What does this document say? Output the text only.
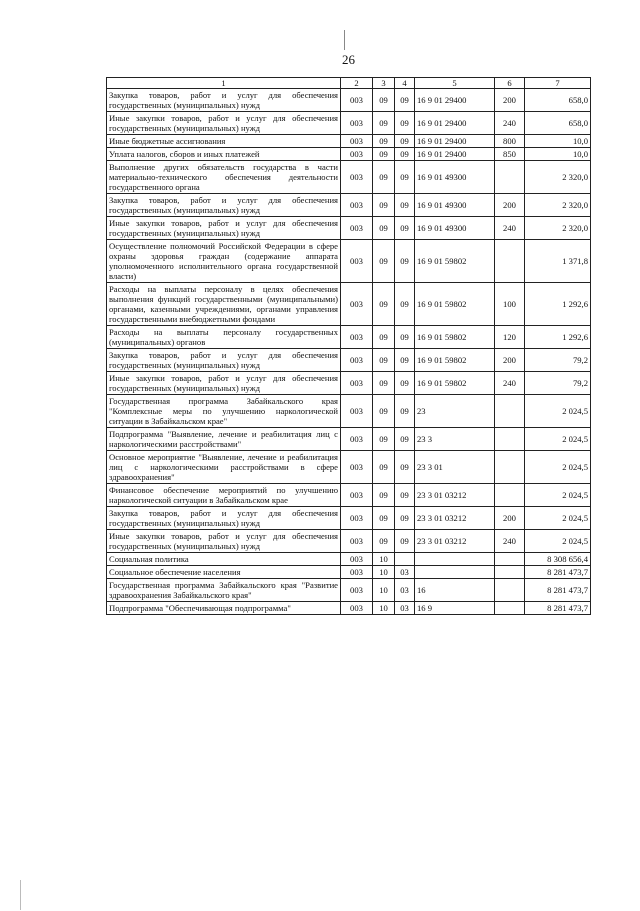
26
1	2	3	4	5	6	7
Закупка товаров, работ и услуг для обеспечения государственных (муниципальных) нужд	003	09	09	16 9 01 29400	200	658,0
Иные закупки товаров, работ и услуг для обеспечения государственных (муниципальных) нужд	003	09	09	16 9 01 29400	240	658,0
Иные бюджетные ассигнования	003	09	09	16 9 01 29400	800	10,0
Уплата налогов, сборов и иных платежей	003	09	09	16 9 01 29400	850	10,0
Выполнение других обязательств государства в части материально-технического обеспечения деятельности государственного органа	003	09	09	16 9 01 49300		2 320,0
Закупка товаров, работ и услуг для обеспечения государственных (муниципальных) нужд	003	09	09	16 9 01 49300	200	2 320,0
Иные закупки товаров, работ и услуг для обеспечения государственных (муниципальных) нужд	003	09	09	16 9 01 49300	240	2 320,0
Осуществление полномочий Российской Федерации в сфере охраны здоровья граждан (содержание аппарата уполномоченного исполнительного органа государственной власти)	003	09	09	16 9 01 59802		1 371,8
Расходы на выплаты персоналу в целях обеспечения выполнения функций государственными (муниципальными) органами, казенными учреждениями, органами управления государственными внебюджетными фондами	003	09	09	16 9 01 59802	100	1 292,6
Расходы на выплаты персоналу государственных (муниципальных) органов	003	09	09	16 9 01 59802	120	1 292,6
Закупка товаров, работ и услуг для обеспечения государственных (муниципальных) нужд	003	09	09	16 9 01 59802	200	79,2
Иные закупки товаров, работ и услуг для обеспечения государственных (муниципальных) нужд	003	09	09	16 9 01 59802	240	79,2
Государственная программа Забайкальского края "Комплексные меры по улучшению наркологической ситуации в Забайкальском крае"	003	09	09	23		2 024,5
Подпрограмма "Выявление, лечение и реабилитация лиц с наркологическими расстройствами"	003	09	09	23 3		2 024,5
Основное мероприятие "Выявление, лечение и реабилитация лиц с наркологическими расстройствами в сфере здравоохранения"	003	09	09	23 3 01		2 024,5
Финансовое обеспечение мероприятий по улучшению наркологической ситуации в Забайкальском крае	003	09	09	23 3 01 03212		2 024,5
Закупка товаров, работ и услуг для обеспечения государственных (муниципальных) нужд	003	09	09	23 3 01 03212	200	2 024,5
Иные закупки товаров, работ и услуг для обеспечения государственных (муниципальных) нужд	003	09	09	23 3 01 03212	240	2 024,5
Социальная политика	003	10				8 308 656,4
Социальное обеспечение населения	003	10	03			8 281 473,7
Государственная программа Забайкальского края "Развитие здравоохранения Забайкальского края"	003	10	03	16		8 281 473,7
Подпрограмма "Обеспечивающая подпрограмма"	003	10	03	16 9		8 281 473,7
